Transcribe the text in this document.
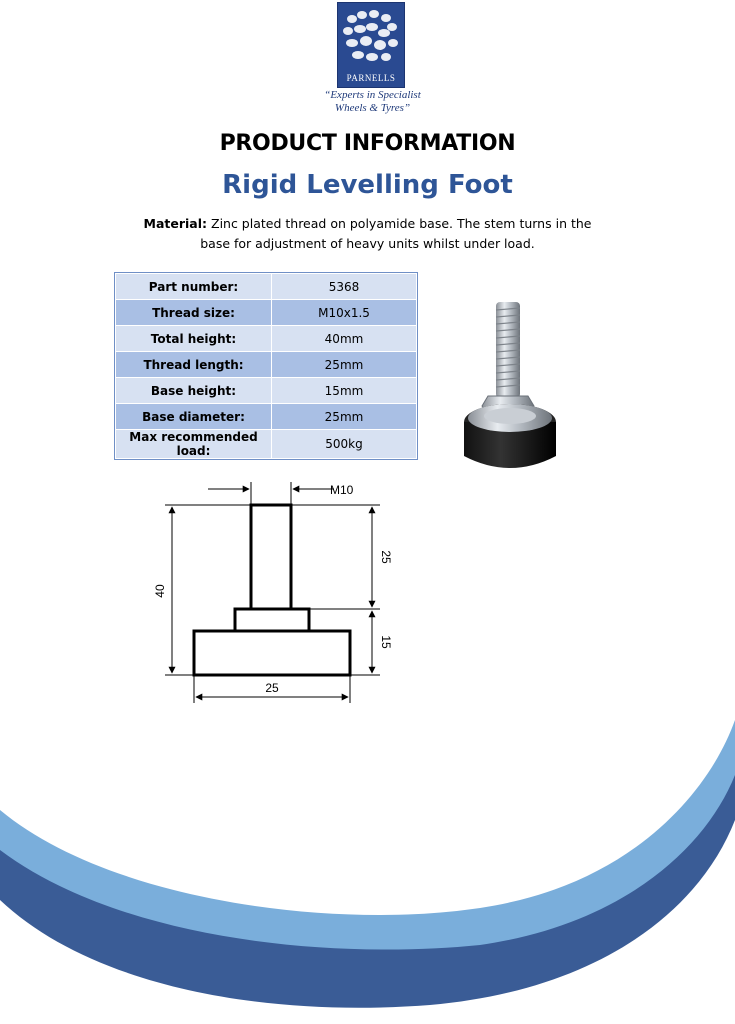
PARNELLS
“Experts in Specialist
Wheels & Tyres”
PRODUCT INFORMATION
Rigid Levelling Foot
Material: Zinc plated thread on polyamide base. The stem turns in the base for adjustment of heavy units whilst under load.
Part number:	5368
Thread size:	M10x1.5
Total height:	40mm
Thread length:	25mm
Base height:	15mm
Base diameter:	25mm
Max recommended load:	500kg
M10
40
25
15
25
